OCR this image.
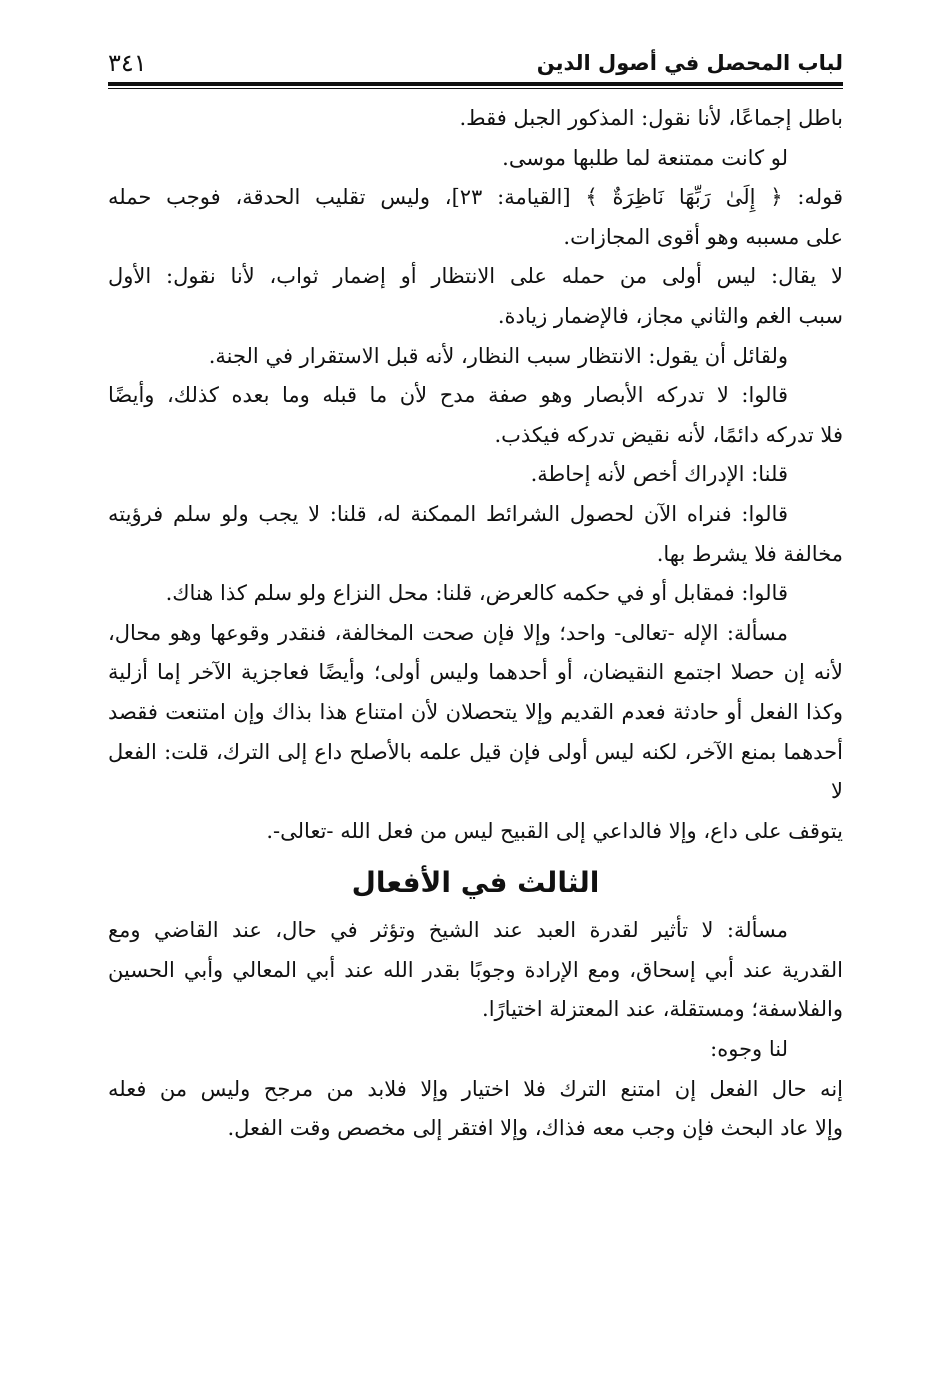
لباب المحصل في أصول الدين
٣٤١

باطل إجماعًا، لأنا نقول: المذكور الجبل فقط.

لو كانت ممتنعة لما طلبها موسى.

قوله: ﴿ إِلَىٰ رَبِّهَا نَاظِرَةٌ ﴾ [القيامة: ٢٣]، وليس تقليب الحدقة، فوجب حمله

على مسببه وهو أقوى المجازات.

لا يقال: ليس أولى من حمله على الانتظار أو إضمار ثواب، لأنا نقول: الأول

سبب الغم والثاني مجاز، فالإضمار زيادة.

ولقائل أن يقول: الانتظار سبب النظار، لأنه قبل الاستقرار في الجنة.

قالوا: لا تدركه الأبصار وهو صفة مدح لأن ما قبله وما بعده كذلك، وأيضًا

فلا تدركه دائمًا، لأنه نقيض تدركه فيكذب.

قلنا: الإدراك أخص لأنه إحاطة.

قالوا: فنراه الآن لحصول الشرائط الممكنة له، قلنا: لا يجب ولو سلم فرؤيته

مخالفة فلا يشرط بها.

قالوا: فمقابل أو في حكمه كالعرض، قلنا: محل النزاع ولو سلم كذا هناك.

مسألة: الإله -تعالى- واحد؛ وإلا فإن صحت المخالفة، فنقدر وقوعها وهو محال،

لأنه إن حصلا اجتمع النقيضان، أو أحدهما وليس أولى؛ وأيضًا فعاجزية الآخر إما أزلية

وكذا الفعل أو حادثة فعدم القديم وإلا يتحصلان لأن امتناع هذا بذاك وإن امتنعت فقصد

أحدهما بمنع الآخر، لكنه ليس أولى فإن قيل علمه بالأصلح داع إلى الترك، قلت: الفعل لا

يتوقف على داع، وإلا فالداعي إلى القبيح ليس من فعل الله -تعالى-.

الثالث في الأفعال

مسألة: لا تأثير لقدرة العبد عند الشيخ وتؤثر في حال، عند القاضي ومع

القدرية عند أبي إسحاق، ومع الإرادة وجوبًا بقدر الله عند أبي المعالي وأبي الحسين

والفلاسفة؛ ومستقلة، عند المعتزلة اختيارًا.

لنا وجوه:

إنه حال الفعل إن امتنع الترك فلا اختيار وإلا فلابد من مرجح وليس من فعله

وإلا عاد البحث فإن وجب معه فذاك، وإلا افتقر إلى مخصص وقت الفعل.
